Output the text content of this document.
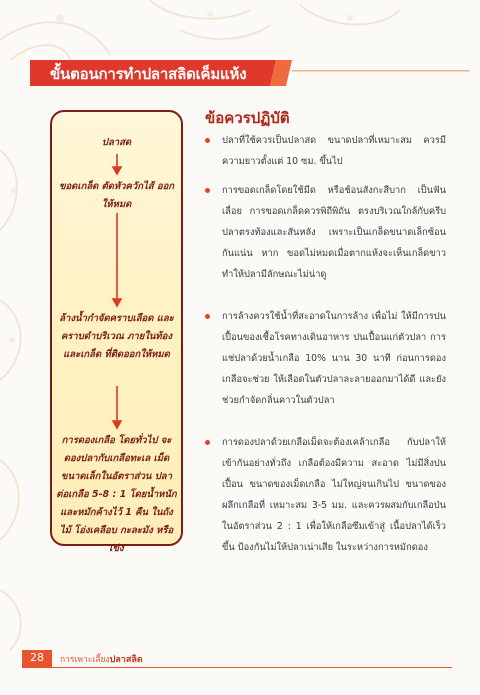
ขั้นตอนการทำปลาสลิดเค็มแห้ง
ปลาสด
ขอดเกล็ด ตัดหัวควักไส้ ออกให้หมด
ล้างน้ำกำจัดคราบเลือด และคราบดำบริเวณ ภายในท้องและเกล็ด ที่ติดออกให้หมด
การดองเกลือ โดยทั่วไป จะดองปลากับเกลือทะเล เม็ดขนาดเล็กในอัตราส่วน ปลาต่อเกลือ 5-8 : 1 โดยน้ำหนัก และหมักค้างไว้ 1 คืน ในถังไม้ โอ่งเคลือบ กะละมัง หรือเข่ง
ข้อควรปฏิบัติ
ปลาที่ใช้ควรเป็นปลาสด ขนาดปลาที่เหมาะสม ควรมีความยาวตั้งแต่ 10 ซม. ขึ้นไป
การขอดเกล็ดโดยใช้มีด หรือช้อนสังกะสีบาก เป็นฟันเลื่อย การขอดเกล็ดควรพิถีพิถัน ตรงบริเวณใกล้กับครีบปลาตรงท้องและสันหลัง เพราะเป็นเกล็ดขนาดเล็กซ้อนกันแน่น หาก ขอดไม่หมดเมื่อตากแห้งจะเห็นเกล็ดขาว ทำให้ปลามีลักษณะไม่น่าดู
การล้างควรใช้น้ำที่สะอาดในการล้าง เพื่อไม่ ให้มีการปนเปื้อนของเชื้อโรคทางเดินอาหาร ปนเปื้อนแก่ตัวปลา การแช่ปลาด้วยน้ำเกลือ 10% นาน 30 นาที ก่อนการดองเกลือจะช่วย ให้เลือดในตัวปลาละลายออกมาได้ดี และยัง ช่วยกำจัดกลิ่นคาวในตัวปลา
การดองปลาด้วยเกลือเม็ดจะต้องเคล้าเกลือ กับปลาให้เข้ากันอย่างทั่วถึง เกลือต้องมีความ สะอาด ไม่มีสิ่งปนเปื้อน ขนาดของเม็ดเกลือ ไม่ใหญ่จนเกินไป ขนาดของผลึกเกลือที่ เหมาะสม 3-5 มม. และควรผสมกับเกลือป่น ในอัตราส่วน 2 : 1 เพื่อให้เกลือซึมเข้าสู่ เนื้อปลาได้เร็วขึ้น ป้องกันไม่ให้ปลาเน่าเสีย ในระหว่างการหมักดอง
28	การเพาะเลี้ยงปลาสลิด
